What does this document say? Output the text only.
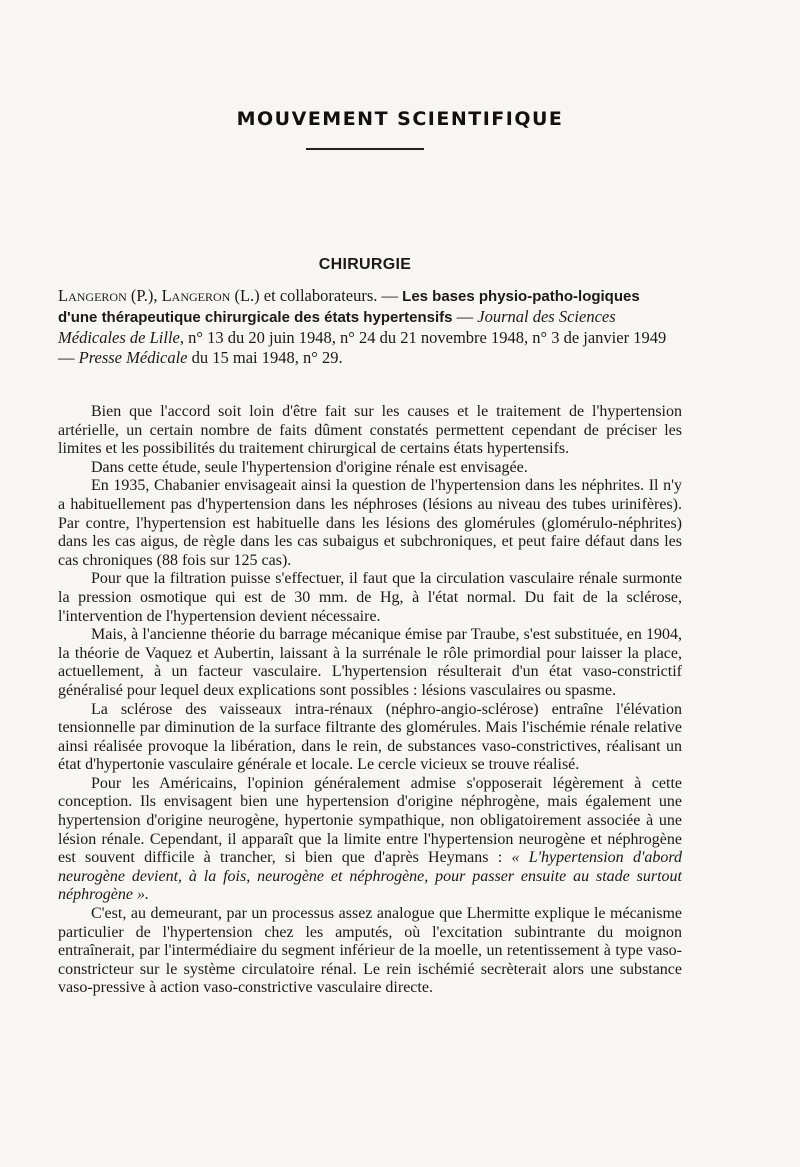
MOUVEMENT SCIENTIFIQUE
CHIRURGIE
Langeron (P.), Langeron (L.) et collaborateurs. — Les bases physio-patho-logiques d'une thérapeutique chirurgicale des états hypertensifs — Journal des Sciences Médicales de Lille, n° 13 du 20 juin 1948, n° 24 du 21 novembre 1948, n° 3 de janvier 1949 — Presse Médicale du 15 mai 1948, n° 29.

Bien que l'accord soit loin d'être fait sur les causes et le traitement de l'hypertension artérielle, un certain nombre de faits dûment constatés permettent cependant de préciser les limites et les possibilités du traitement chirurgical de certains états hypertensifs.

Dans cette étude, seule l'hypertension d'origine rénale est envisagée.

En 1935, Chabanier envisageait ainsi la question de l'hypertension dans les néphrites. Il n'y a habituellement pas d'hypertension dans les néphroses (lésions au niveau des tubes urinifères). Par contre, l'hypertension est habituelle dans les lésions des glomérules (glomérulo-néphrites) dans les cas aigus, de règle dans les cas subaigus et subchroniques, et peut faire défaut dans les cas chroniques (88 fois sur 125 cas).

Pour que la filtration puisse s'effectuer, il faut que la circulation vasculaire rénale surmonte la pression osmotique qui est de 30 mm. de Hg, à l'état normal. Du fait de la sclérose, l'intervention de l'hypertension devient nécessaire.

Mais, à l'ancienne théorie du barrage mécanique émise par Traube, s'est substituée, en 1904, la théorie de Vaquez et Aubertin, laissant à la surrénale le rôle primordial pour laisser la place, actuellement, à un facteur vasculaire. L'hypertension résulterait d'un état vaso-constrictif généralisé pour lequel deux explications sont possibles : lésions vasculaires ou spasme.

La sclérose des vaisseaux intra-rénaux (néphro-angio-sclérose) entraîne l'élévation tensionnelle par diminution de la surface filtrante des glomérules. Mais l'ischémie rénale relative ainsi réalisée provoque la libération, dans le rein, de substances vaso-constrictives, réalisant un état d'hypertonie vasculaire générale et locale. Le cercle vicieux se trouve réalisé.

Pour les Américains, l'opinion généralement admise s'opposerait légèrement à cette conception. Ils envisagent bien une hypertension d'origine néphrogène, mais également une hypertension d'origine neurogène, hypertonie sympathique, non obligatoirement associée à une lésion rénale. Cependant, il apparaît que la limite entre l'hypertension neurogène et néphrogène est souvent difficile à trancher, si bien que d'après Heymans : « L'hypertension d'abord neurogène devient, à la fois, neurogène et néphrogène, pour passer ensuite au stade surtout néphrogène ».

C'est, au demeurant, par un processus assez analogue que Lhermitte explique le mécanisme particulier de l'hypertension chez les amputés, où l'excitation subintrante du moignon entraînerait, par l'intermédiaire du segment inférieur de la moelle, un retentissement à type vaso-constricteur sur le système circulatoire rénal. Le rein ischémié secrèterait alors une substance vaso-pressive à action vaso-constrictive vasculaire directe.
